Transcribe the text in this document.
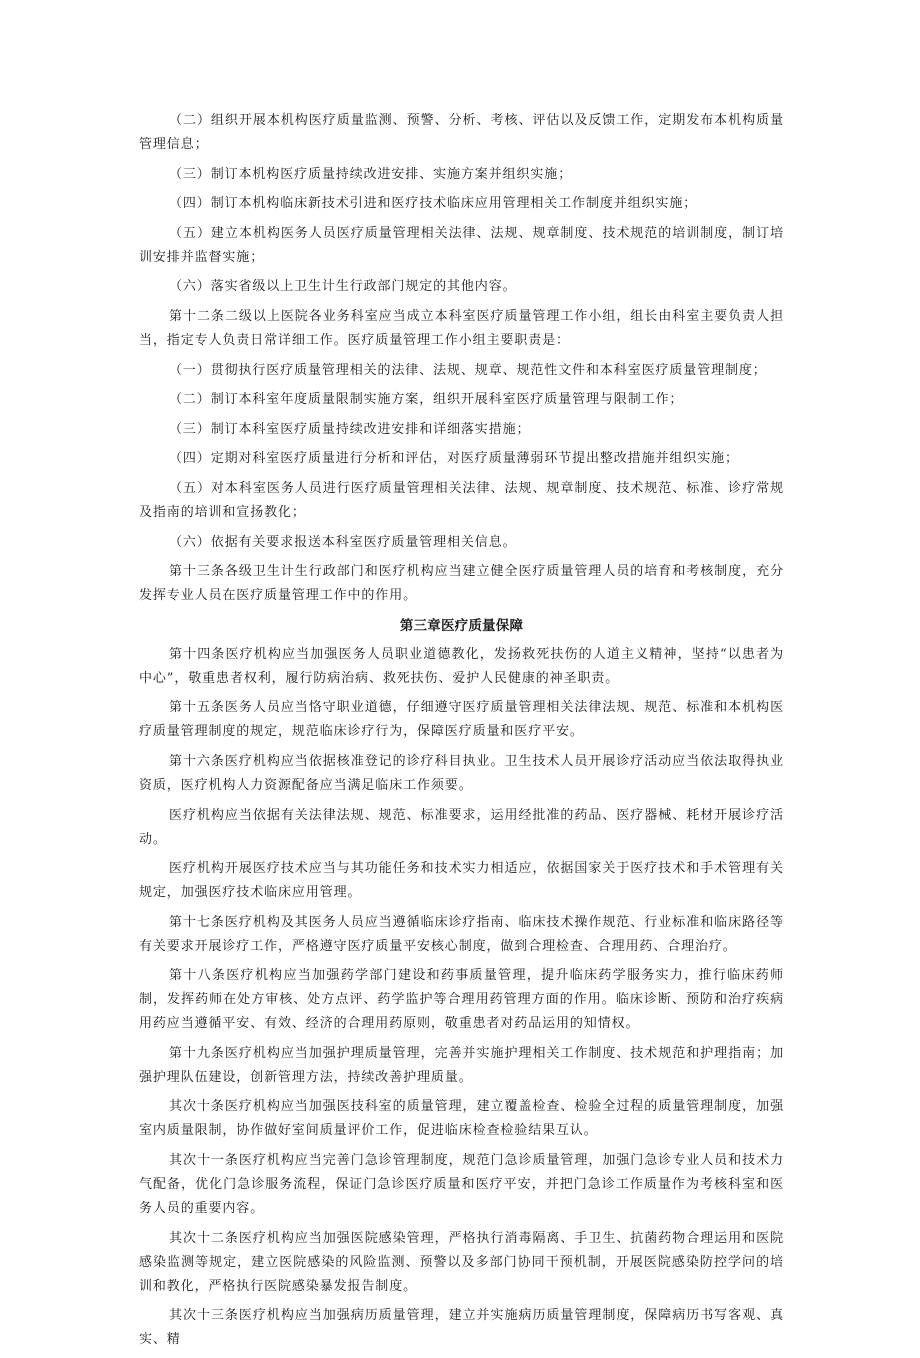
（二）组织开展本机构医疗质量监测、预警、分析、考核、评估以及反馈工作，定期发布本机构质量管理信息；

（三）制订本机构医疗质量持续改进安排、实施方案并组织实施；

（四）制订本机构临床新技术引进和医疗技术临床应用管理相关工作制度并组织实施；

（五）建立本机构医务人员医疗质量管理相关法律、法规、规章制度、技术规范的培训制度，制订培训安排并监督实施；

（六）落实省级以上卫生计生行政部门规定的其他内容。

第十二条二级以上医院各业务科室应当成立本科室医疗质量管理工作小组，组长由科室主要负责人担当，指定专人负责日常详细工作。医疗质量管理工作小组主要职责是：

（一）贯彻执行医疗质量管理相关的法律、法规、规章、规范性文件和本科室医疗质量管理制度；

（二）制订本科室年度质量限制实施方案，组织开展科室医疗质量管理与限制工作；

（三）制订本科室医疗质量持续改进安排和详细落实措施；

（四）定期对科室医疗质量进行分析和评估，对医疗质量薄弱环节提出整改措施并组织实施；

（五）对本科室医务人员进行医疗质量管理相关法律、法规、规章制度、技术规范、标准、诊疗常规及指南的培训和宣扬教化；

（六）依据有关要求报送本科室医疗质量管理相关信息。

第十三条各级卫生计生行政部门和医疗机构应当建立健全医疗质量管理人员的培育和考核制度，充分发挥专业人员在医疗质量管理工作中的作用。

第三章医疗质量保障

第十四条医疗机构应当加强医务人员职业道德教化，发扬救死扶伤的人道主义精神，坚持“以患者为中心”，敬重患者权利，履行防病治病、救死扶伤、爱护人民健康的神圣职责。

第十五条医务人员应当恪守职业道德，仔细遵守医疗质量管理相关法律法规、规范、标准和本机构医疗质量管理制度的规定，规范临床诊疗行为，保障医疗质量和医疗平安。

第十六条医疗机构应当依据核准登记的诊疗科目执业。卫生技术人员开展诊疗活动应当依法取得执业资质，医疗机构人力资源配备应当满足临床工作须要。

医疗机构应当依据有关法律法规、规范、标准要求，运用经批准的药品、医疗器械、耗材开展诊疗活动。

医疗机构开展医疗技术应当与其功能任务和技术实力相适应，依据国家关于医疗技术和手术管理有关规定，加强医疗技术临床应用管理。

第十七条医疗机构及其医务人员应当遵循临床诊疗指南、临床技术操作规范、行业标准和临床路径等有关要求开展诊疗工作，严格遵守医疗质量平安核心制度，做到合理检查、合理用药、合理治疗。

第十八条医疗机构应当加强药学部门建设和药事质量管理，提升临床药学服务实力，推行临床药师制，发挥药师在处方审核、处方点评、药学监护等合理用药管理方面的作用。临床诊断、预防和治疗疾病用药应当遵循平安、有效、经济的合理用药原则，敬重患者对药品运用的知情权。

第十九条医疗机构应当加强护理质量管理，完善并实施护理相关工作制度、技术规范和护理指南；加强护理队伍建设，创新管理方法，持续改善护理质量。

其次十条医疗机构应当加强医技科室的质量管理，建立覆盖检查、检验全过程的质量管理制度，加强室内质量限制，协作做好室间质量评价工作，促进临床检查检验结果互认。

其次十一条医疗机构应当完善门急诊管理制度，规范门急诊质量管理，加强门急诊专业人员和技术力气配备，优化门急诊服务流程，保证门急诊医疗质量和医疗平安，并把门急诊工作质量作为考核科室和医务人员的重要内容。

其次十二条医疗机构应当加强医院感染管理，严格执行消毒隔离、手卫生、抗菌药物合理运用和医院感染监测等规定，建立医院感染的风险监测、预警以及多部门协同干预机制，开展医院感染防控学问的培训和教化，严格执行医院感染暴发报告制度。

其次十三条医疗机构应当加强病历质量管理，建立并实施病历质量管理制度，保障病历书写客观、真实、精
